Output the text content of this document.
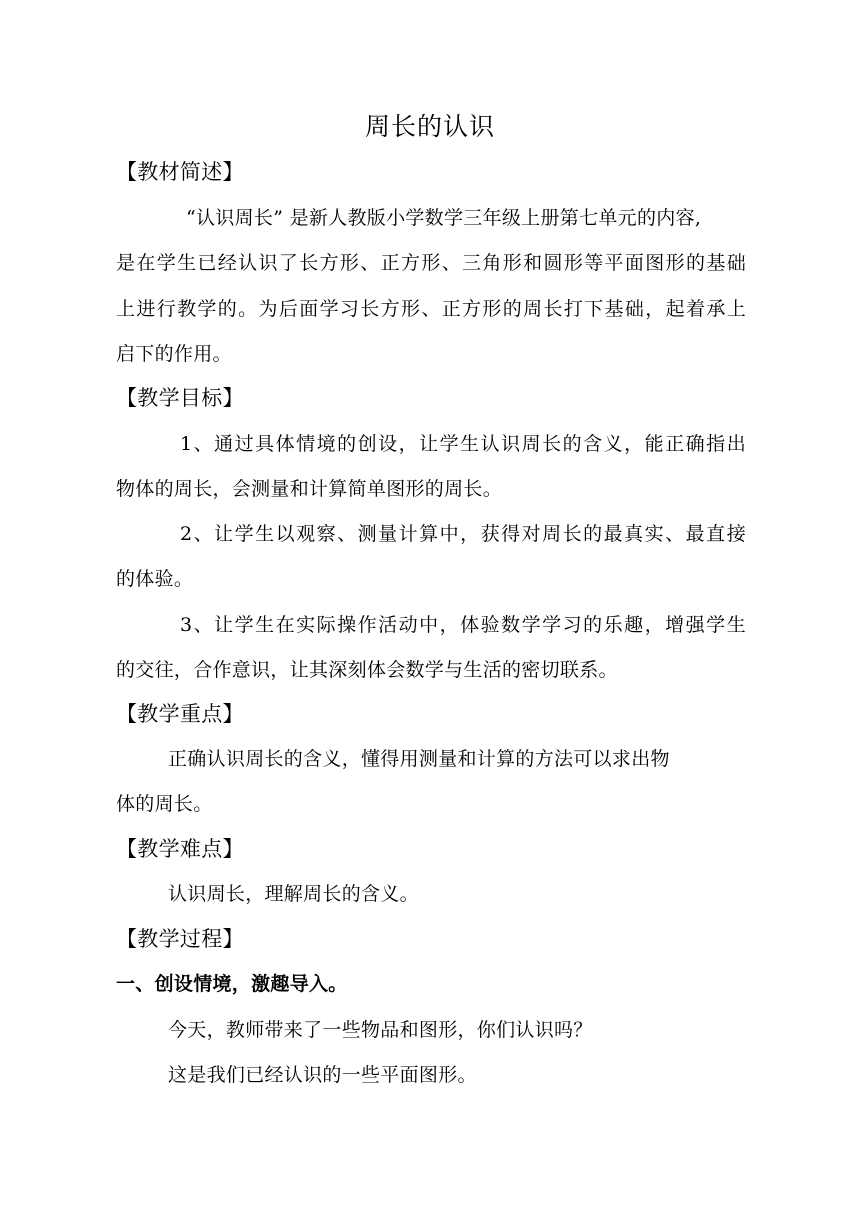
周长的认识
【教材简述】
“认识周长” 是新人教版小学数学三年级上册第七单元的内容,
是在学生已经认识了长方形、正方形、三角形和圆形等平面图形的基础
上进行教学的。为后面学习长方形、正方形的周长打下基础，起着承上
启下的作用。
【教学目标】
1、通过具体情境的创设，让学生认识周长的含义，能正确指出
物体的周长，会测量和计算简单图形的周长。
2、让学生以观察、测量计算中，获得对周长的最真实、最直接
的体验。
3、让学生在实际操作活动中，体验数学学习的乐趣，增强学生
的交往，合作意识，让其深刻体会数学与生活的密切联系。
【教学重点】
正确认识周长的含义，懂得用测量和计算的方法可以求出物
体的周长。
【教学难点】
认识周长，理解周长的含义。
【教学过程】
一、创设情境，激趣导入。
今天，教师带来了一些物品和图形，你们认识吗？
这是我们已经认识的一些平面图形。
